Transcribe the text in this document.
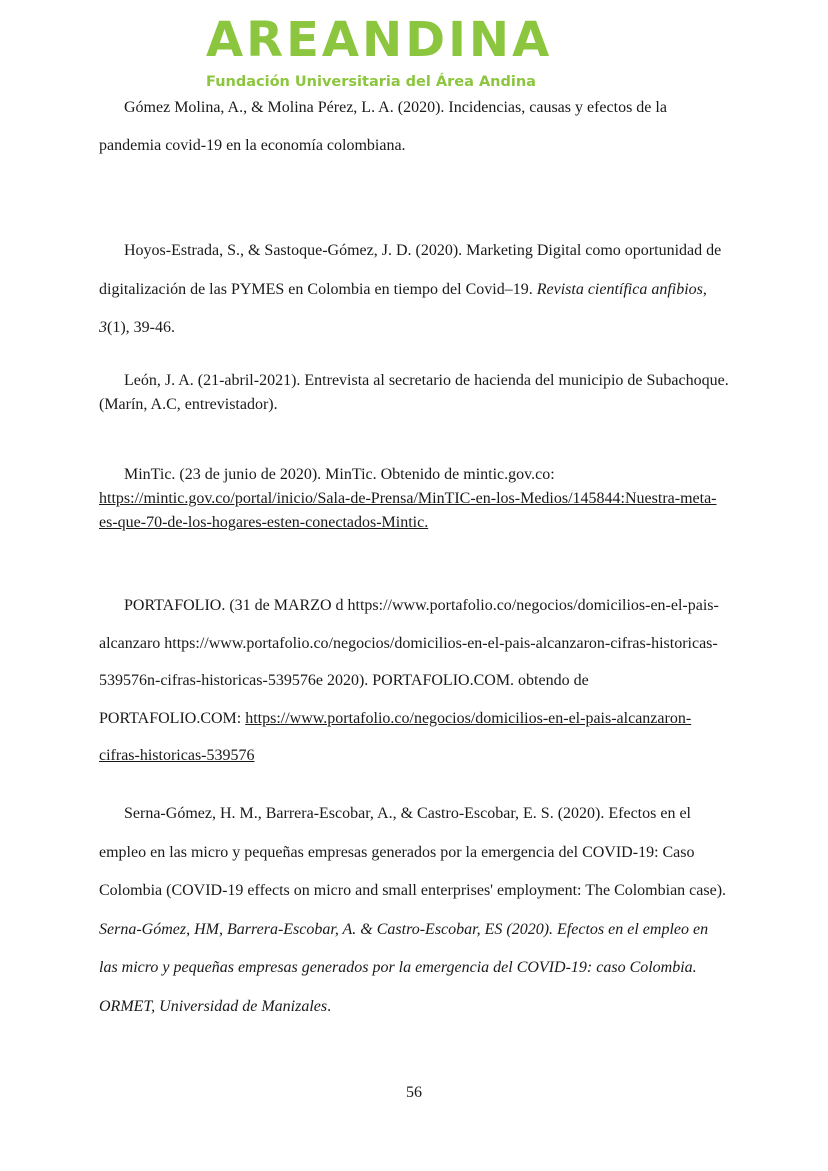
AREANDINA
Fundación Universitaria del Área Andina

Gómez Molina, A., & Molina Pérez, L. A. (2020). Incidencias, causas y efectos de la pandemia covid-19 en la economía colombiana.

Hoyos-Estrada, S., & Sastoque-Gómez, J. D. (2020). Marketing Digital como oportunidad de digitalización de las PYMES en Colombia en tiempo del Covid–19. Revista científica anfibios, 3(1), 39-46.

León, J. A. (21-abril-2021). Entrevista al secretario de hacienda del municipio de Subachoque. (Marín, A.C, entrevistador).

MinTic. (23 de junio de 2020). MinTic. Obtenido de mintic.gov.co: https://mintic.gov.co/portal/inicio/Sala-de-Prensa/MinTIC-en-los-Medios/145844:Nuestra-meta-es-que-70-de-los-hogares-esten-conectados-Mintic.

PORTAFOLIO. (31 de MARZO d https://www.portafolio.co/negocios/domicilios-en-el-pais-alcanzaro https://www.portafolio.co/negocios/domicilios-en-el-pais-alcanzaron-cifras-historicas-539576n-cifras-historicas-539576e 2020). PORTAFOLIO.COM. obtendo de PORTAFOLIO.COM: https://www.portafolio.co/negocios/domicilios-en-el-pais-alcanzaron-cifras-historicas-539576

Serna-Gómez, H. M., Barrera-Escobar, A., & Castro-Escobar, E. S. (2020). Efectos en el empleo en las micro y pequeñas empresas generados por la emergencia del COVID-19: Caso Colombia (COVID-19 effects on micro and small enterprises' employment: The Colombian case). Serna-Gómez, HM, Barrera-Escobar, A. & Castro-Escobar, ES (2020). Efectos en el empleo en las micro y pequeñas empresas generados por la emergencia del COVID-19: caso Colombia. ORMET, Universidad de Manizales.

56
